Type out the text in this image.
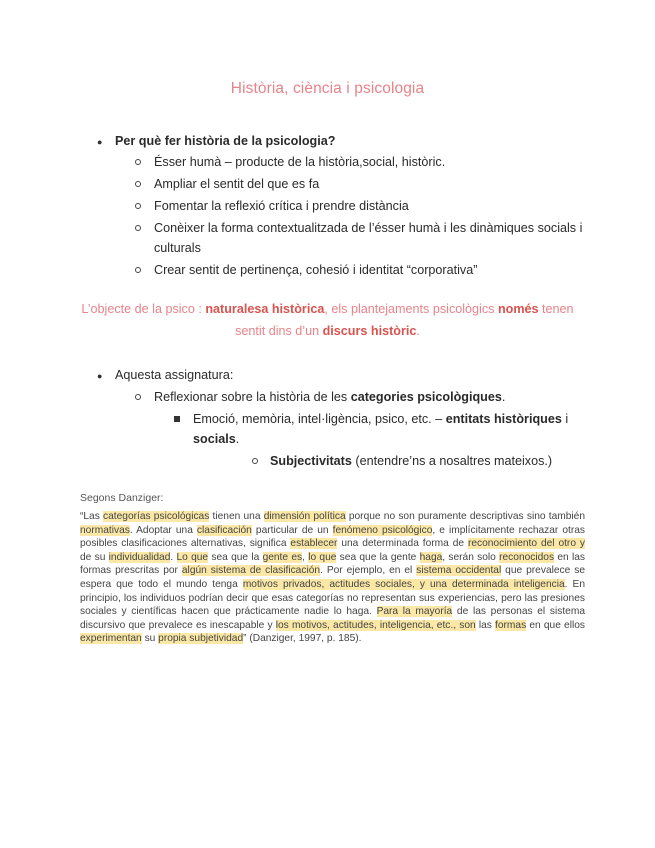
Història, ciència i psicologia
● Per què fer història de la psicologia?
Ésser humà – producte de la història,social, històric.
Ampliar el sentit del que es fa
Fomentar la reflexió crítica i prendre distància
Conèixer la forma contextualitzada de l’ésser humà i les dinàmiques socials i
culturals
Crear sentit de pertinença, cohesió i identitat “corporativa”
L’objecte de la psico : naturalesa històrica, els plantejaments psicològics només tenen
sentit dins d’un discurs històric.
● Aquesta assignatura:
Reflexionar sobre la història de les categories psicològiques.
Emoció, memòria, intel·ligència, psico, etc. – entitats històriques i
socials.
Subjectivitats (entendre’ns a nosaltres mateixos.)
Segons Danziger:
“Las categorías psicológicas tienen una dimensión política porque no son puramente descriptivas sino también normativas. Adoptar una clasificación particular de un fenómeno psicológico, e implícitamente rechazar otras posibles clasificaciones alternativas, significa establecer una determinada forma de reconocimiento del otro y de su individualidad. Lo que sea que la gente es, lo que sea que la gente haga, serán solo reconocidos en las formas prescritas por algún sistema de clasificación. Por ejemplo, en el sistema occidental que prevalece se espera que todo el mundo tenga motivos privados, actitudes sociales, y una determinada inteligencia. En principio, los individuos podrían decir que esas categorías no representan sus experiencias, pero las presiones sociales y científicas hacen que prácticamente nadie lo haga. Para la mayoría de las personas el sistema discursivo que prevalece es inescapable y los motivos, actitudes, inteligencia, etc., son las formas en que ellos experimentan su propia subjetividad” (Danziger, 1997, p. 185).
